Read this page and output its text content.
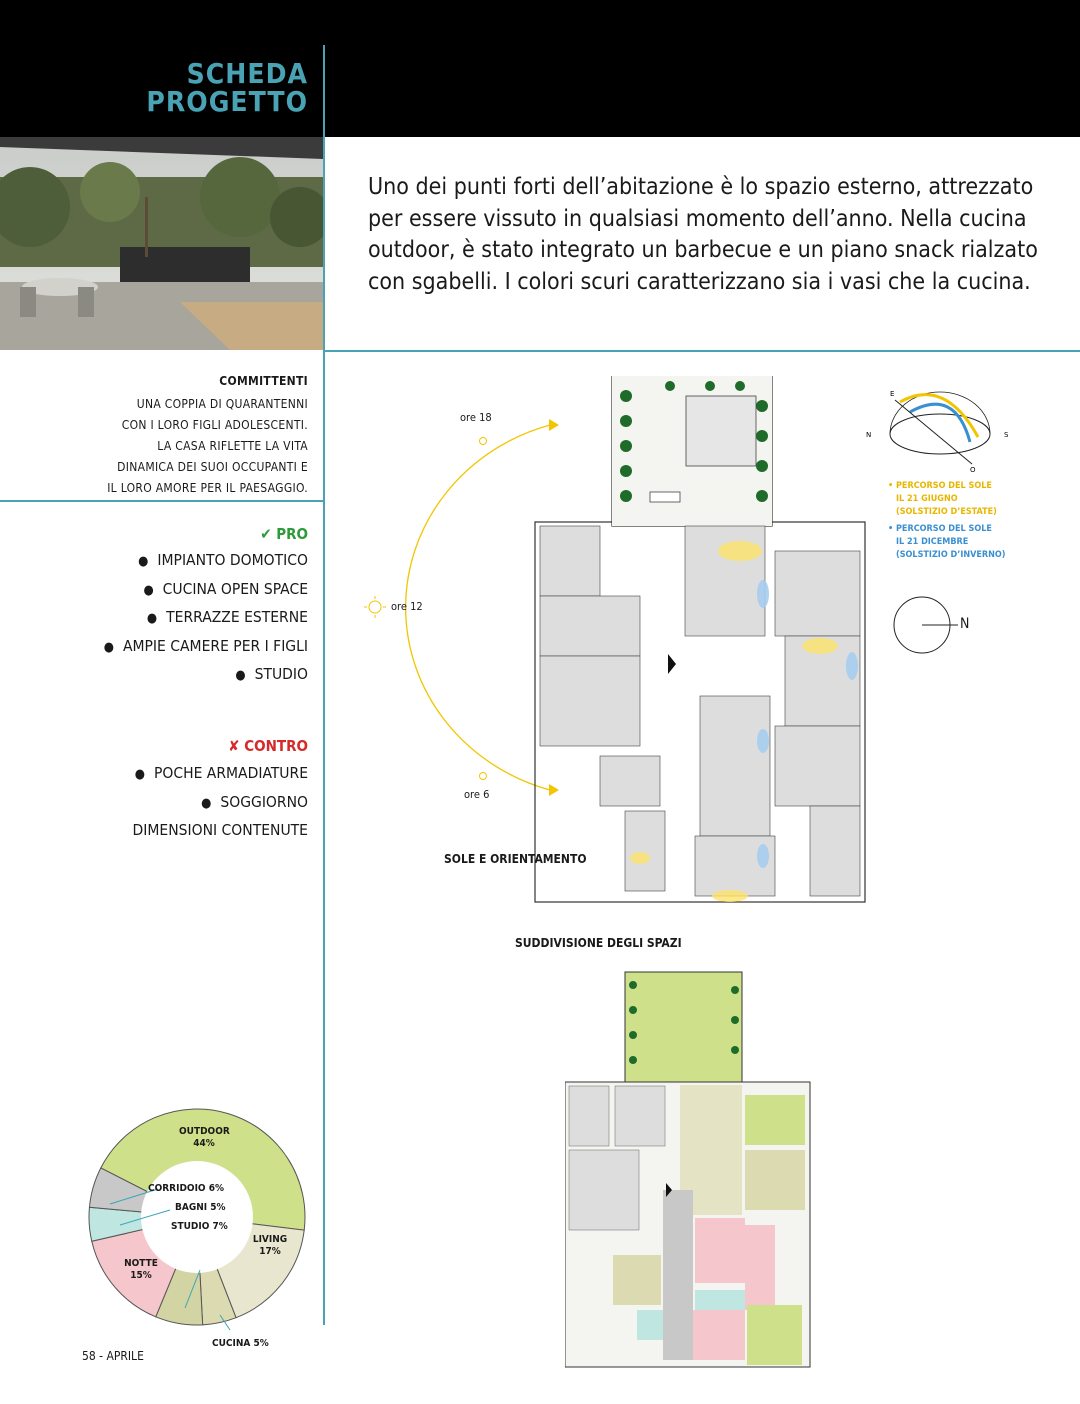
SCHEDA
PROGETTO
Uno dei punti forti dell’abitazione è lo spazio esterno, attrezzato per essere vissuto in qualsiasi momento dell’anno. Nella cucina outdoor, è stato integrato un barbecue e un piano snack rialzato con sgabelli. I colori scuri caratterizzano sia i vasi che la cucina.
COMMITTENTI
UNA COPPIA DI QUARANTENNI
CON I LORO FIGLI ADOLESCENTI.
LA CASA RIFLETTE LA VITA
DINAMICA DEI SUOI OCCUPANTI E
IL LORO AMORE PER IL PAESAGGIO.
✔ PRO
● IMPIANTO DOMOTICO
● CUCINA OPEN SPACE
● TERRAZZE ESTERNE
● AMPIE CAMERE PER I FIGLI
● STUDIO
✘ CONTRO
● POCHE ARMADIATURE
● SOGGIORNO
DIMENSIONI CONTENUTE
ore 18
ore 12
ore 6
E
N	S
O
• PERCORSO DEL SOLE
IL 21 GIUGNO
(SOLSTIZIO D’ESTATE)
• PERCORSO DEL SOLE
IL 21 DICEMBRE
(SOLSTIZIO D’INVERNO)
N
SOLE E ORIENTAMENTO
SUDDIVISIONE DEGLI SPAZI
OUTDOOR 44%
LIVING 17%
CUCINA 5%
STUDIO 7%
NOTTE 15%
BAGNI 5%
CORRIDOIO 6%
58 - APRILE
